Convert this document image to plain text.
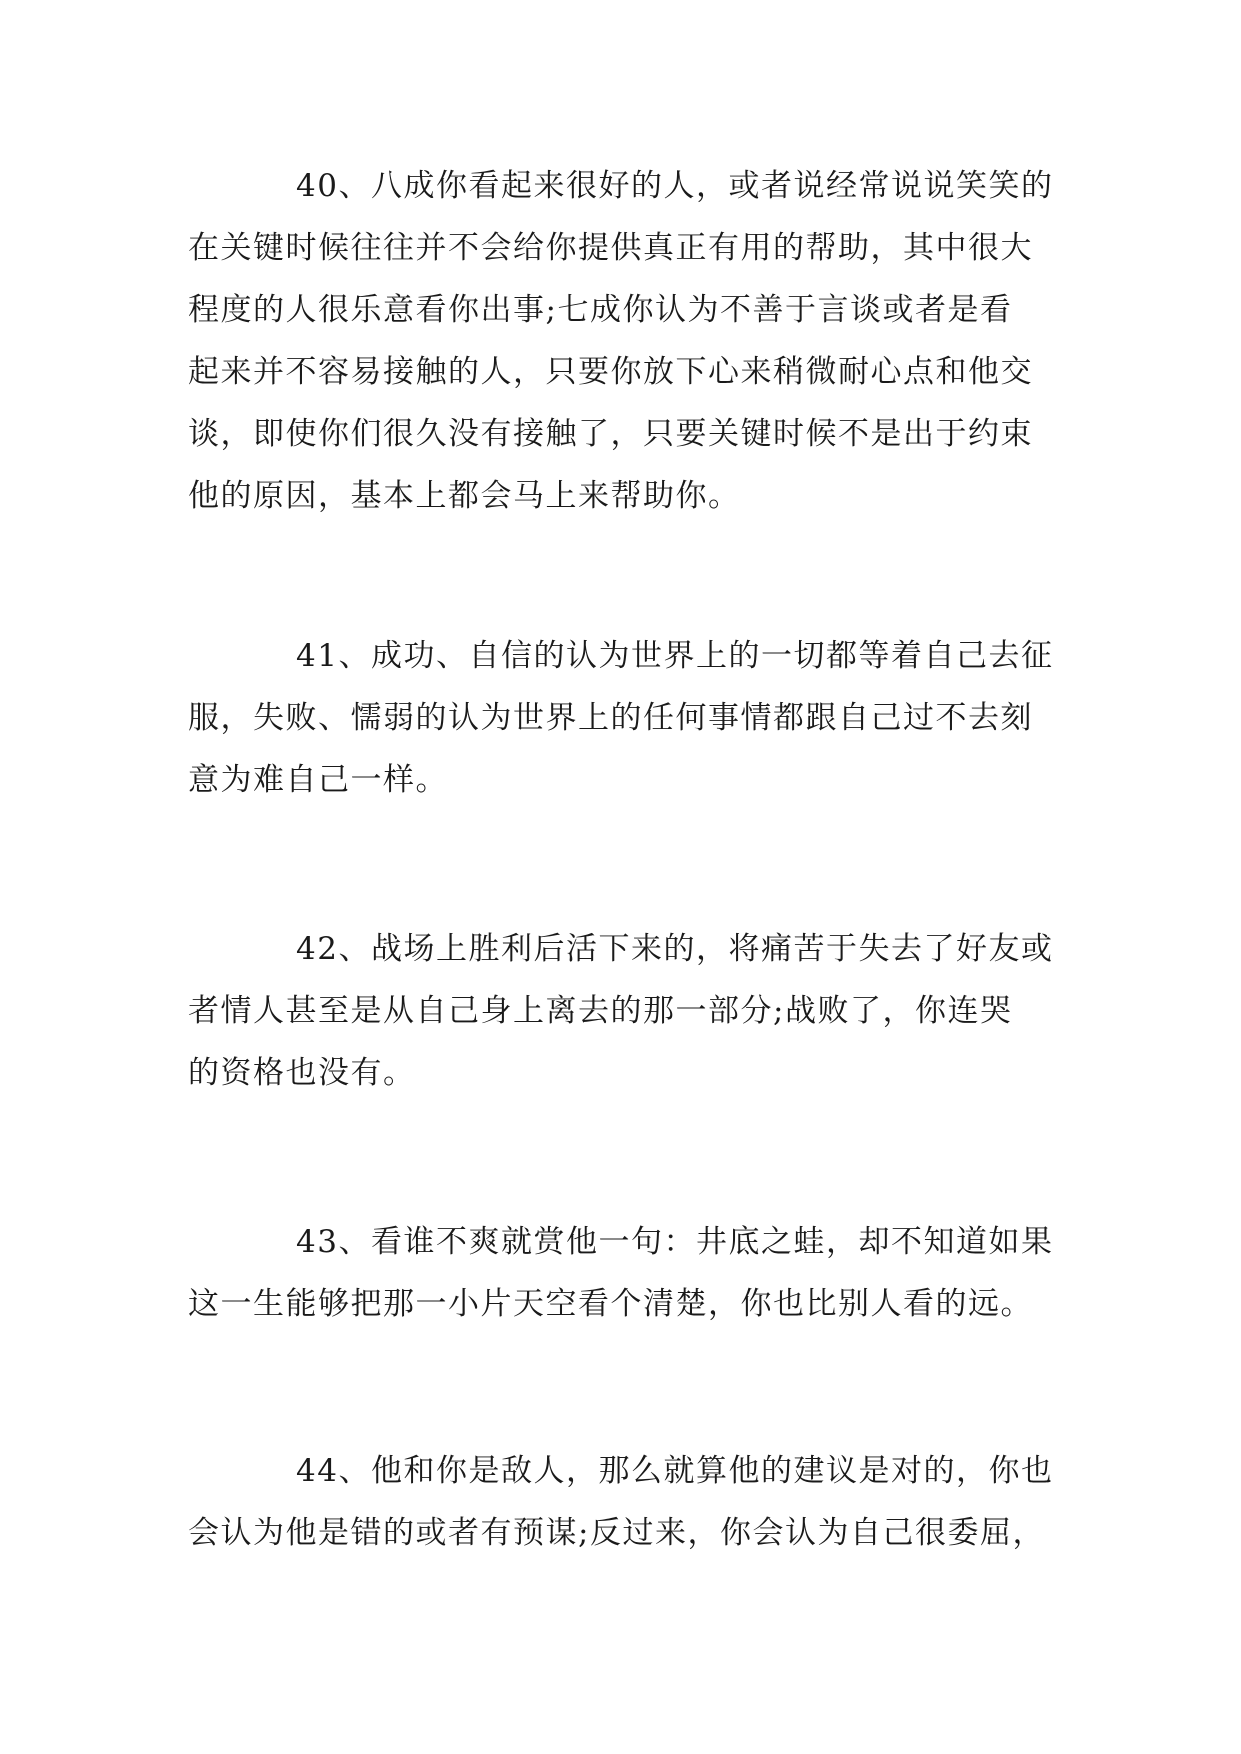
40、八成你看起来很好的人，或者说经常说说笑笑的
在关键时候往往并不会给你提供真正有用的帮助，其中很大
程度的人很乐意看你出事;七成你认为不善于言谈或者是看
起来并不容易接触的人，只要你放下心来稍微耐心点和他交
谈，即使你们很久没有接触了，只要关键时候不是出于约束
他的原因，基本上都会马上来帮助你。

41、成功、自信的认为世界上的一切都等着自己去征
服，失败、懦弱的认为世界上的任何事情都跟自己过不去刻
意为难自己一样。

42、战场上胜利后活下来的，将痛苦于失去了好友或
者情人甚至是从自己身上离去的那一部分;战败了，你连哭
的资格也没有。

43、看谁不爽就赏他一句：井底之蛙，却不知道如果
这一生能够把那一小片天空看个清楚，你也比别人看的远。

44、他和你是敌人，那么就算他的建议是对的，你也
会认为他是错的或者有预谋;反过来，你会认为自己很委屈，
